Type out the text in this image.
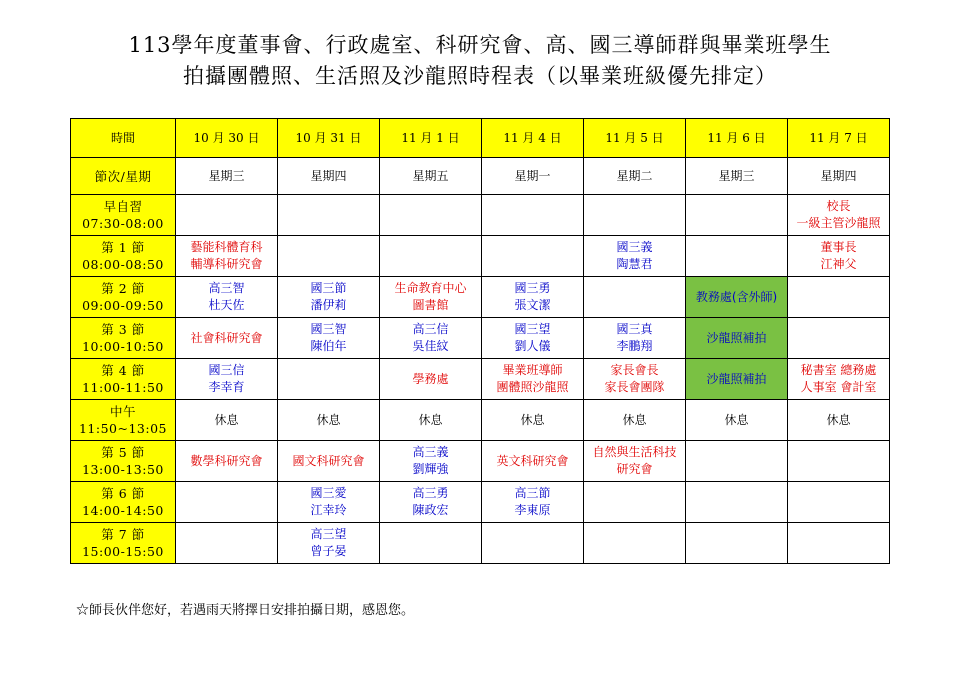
113學年度董事會、行政處室、科研究會、高、國三導師群與畢業班學生
拍攝團體照、生活照及沙龍照時程表（以畢業班級優先排定）
時間	10 月 30 日	10 月 31 日	11 月 1 日	11 月 4 日	11 月 5 日	11 月 6 日	11 月 7 日
節次/星期	星期三	星期四	星期五	星期一	星期二	星期三	星期四

早自習
07:30-08:00							校長
一級主管沙龍照

第 1 節
08:00-08:50	藝能科體育科
輔導科研究會				國三義
陶慧君		董事長
江神父

第 2 節
09:00-09:50	高三智
杜天佐	國三節
潘伊莉	生命教育中心
圖書館	國三勇
張文潔		教務處(含外師)	

第 3 節
10:00-10:50	社會科研究會	國三智
陳伯年	高三信
吳佳紋	國三望
劉人儀	國三真
李鵬翔	沙龍照補拍	

第 4 節
11:00-11:50	國三信
李幸育		學務處	畢業班導師
團體照沙龍照	家長會長
家長會團隊	沙龍照補拍	秘書室 總務處
人事室 會計室

中午
11:50~13:05	休息	休息	休息	休息	休息	休息	休息

第 5 節
13:00-13:50	數學科研究會	國文科研究會	高三義
劉輝強	英文科研究會	自然與生活科技
研究會		

第 6 節
14:00-14:50		國三愛
江幸玲	高三勇
陳政宏	高三節
李東原			

第 7 節
15:00-15:50		高三望
曾子晏					

☆師長伙伴您好，若遇雨天將擇日安排拍攝日期，感恩您。
